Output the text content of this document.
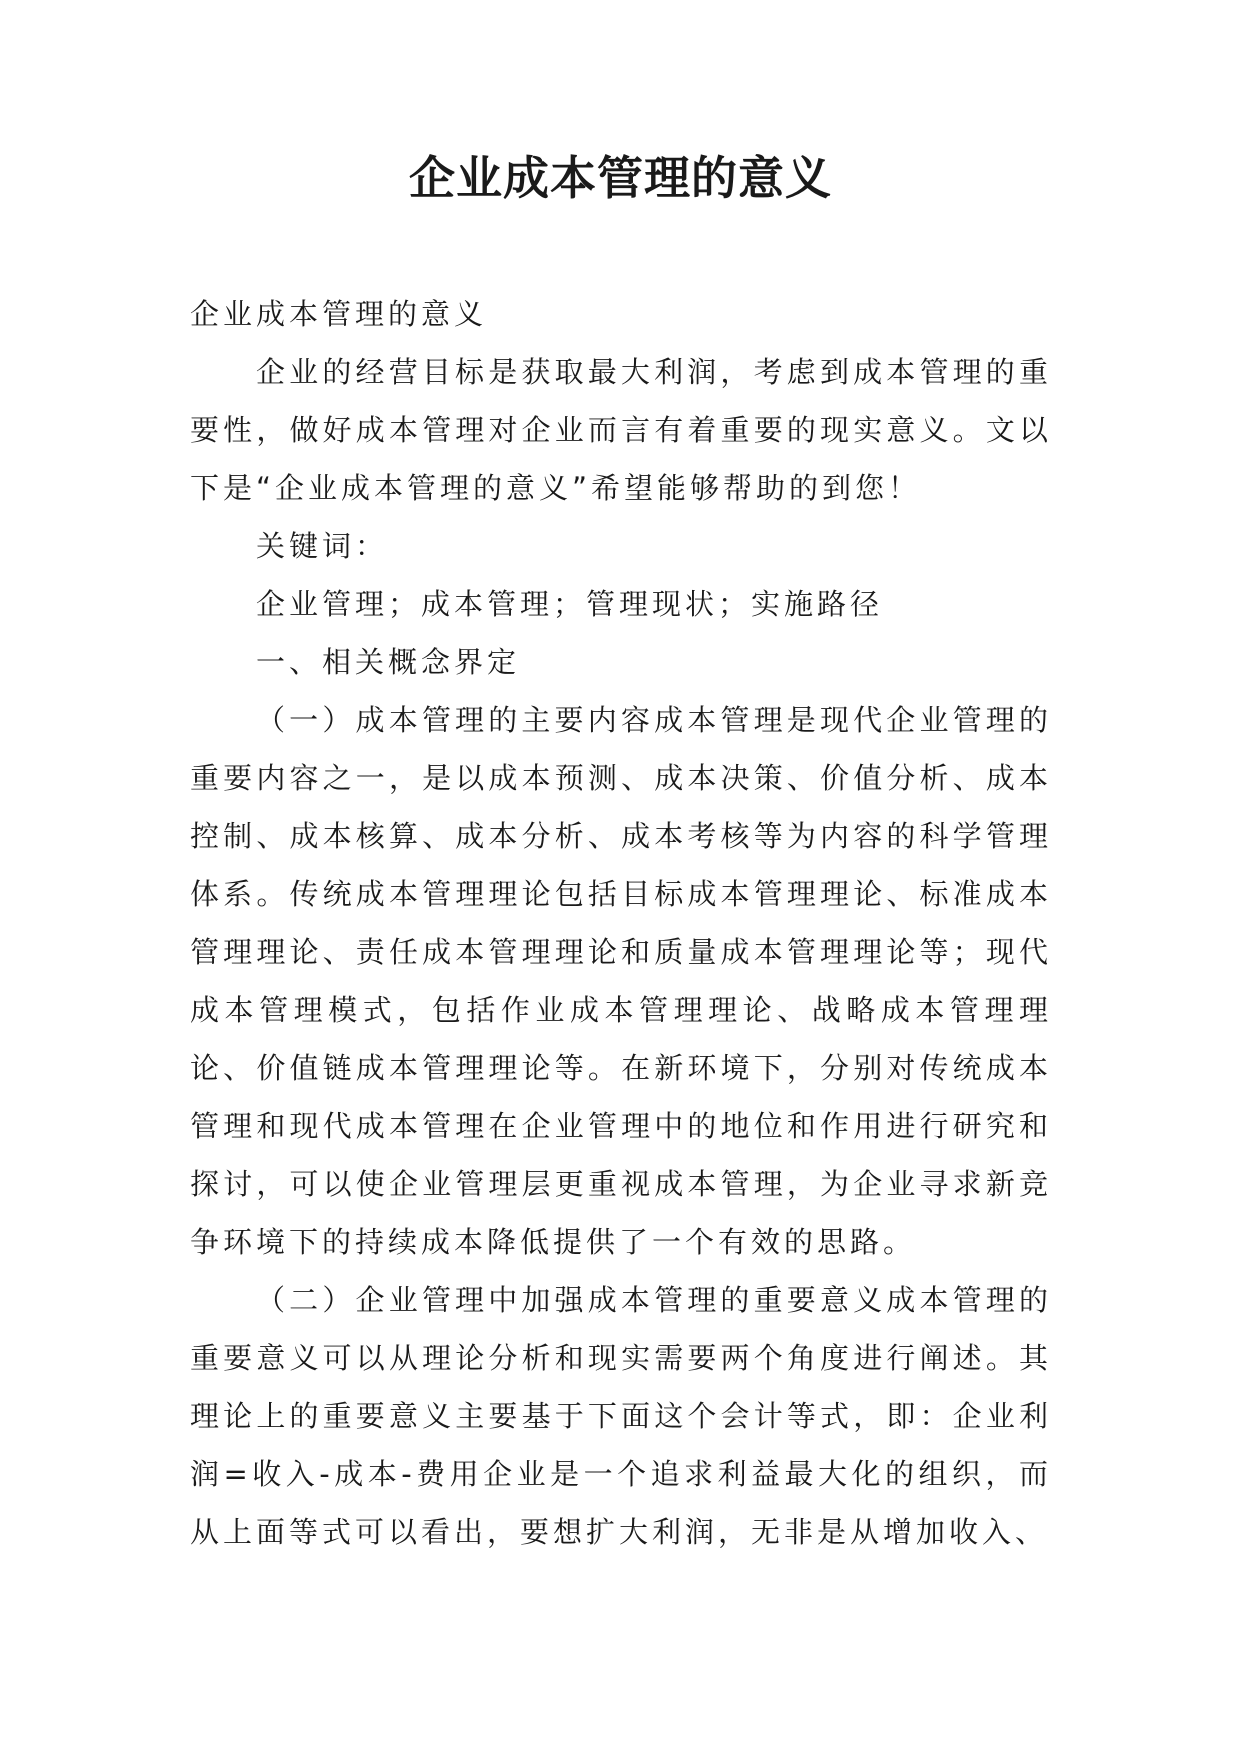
企业成本管理的意义

企业成本管理的意义

企业的经营目标是获取最大利润，考虑到成本管理的重要性，做好成本管理对企业而言有着重要的现实意义。文以下是“企业成本管理的意义”希望能够帮助的到您！

关键词：

企业管理；成本管理；管理现状；实施路径

一、相关概念界定

（一）成本管理的主要内容成本管理是现代企业管理的重要内容之一，是以成本预测、成本决策、价值分析、成本控制、成本核算、成本分析、成本考核等为内容的科学管理体系。传统成本管理理论包括目标成本管理理论、标准成本管理理论、责任成本管理理论和质量成本管理理论等；现代成本管理模式，包括作业成本管理理论、战略成本管理理论、价值链成本管理理论等。在新环境下，分别对传统成本管理和现代成本管理在企业管理中的地位和作用进行研究和探讨，可以使企业管理层更重视成本管理，为企业寻求新竞争环境下的持续成本降低提供了一个有效的思路。

（二）企业管理中加强成本管理的重要意义成本管理的重要意义可以从理论分析和现实需要两个角度进行阐述。其理论上的重要意义主要基于下面这个会计等式，即：企业利润=收入-成本-费用企业是一个追求利益最大化的组织，而从上面等式可以看出，要想扩大利润，无非是从增加收入、
